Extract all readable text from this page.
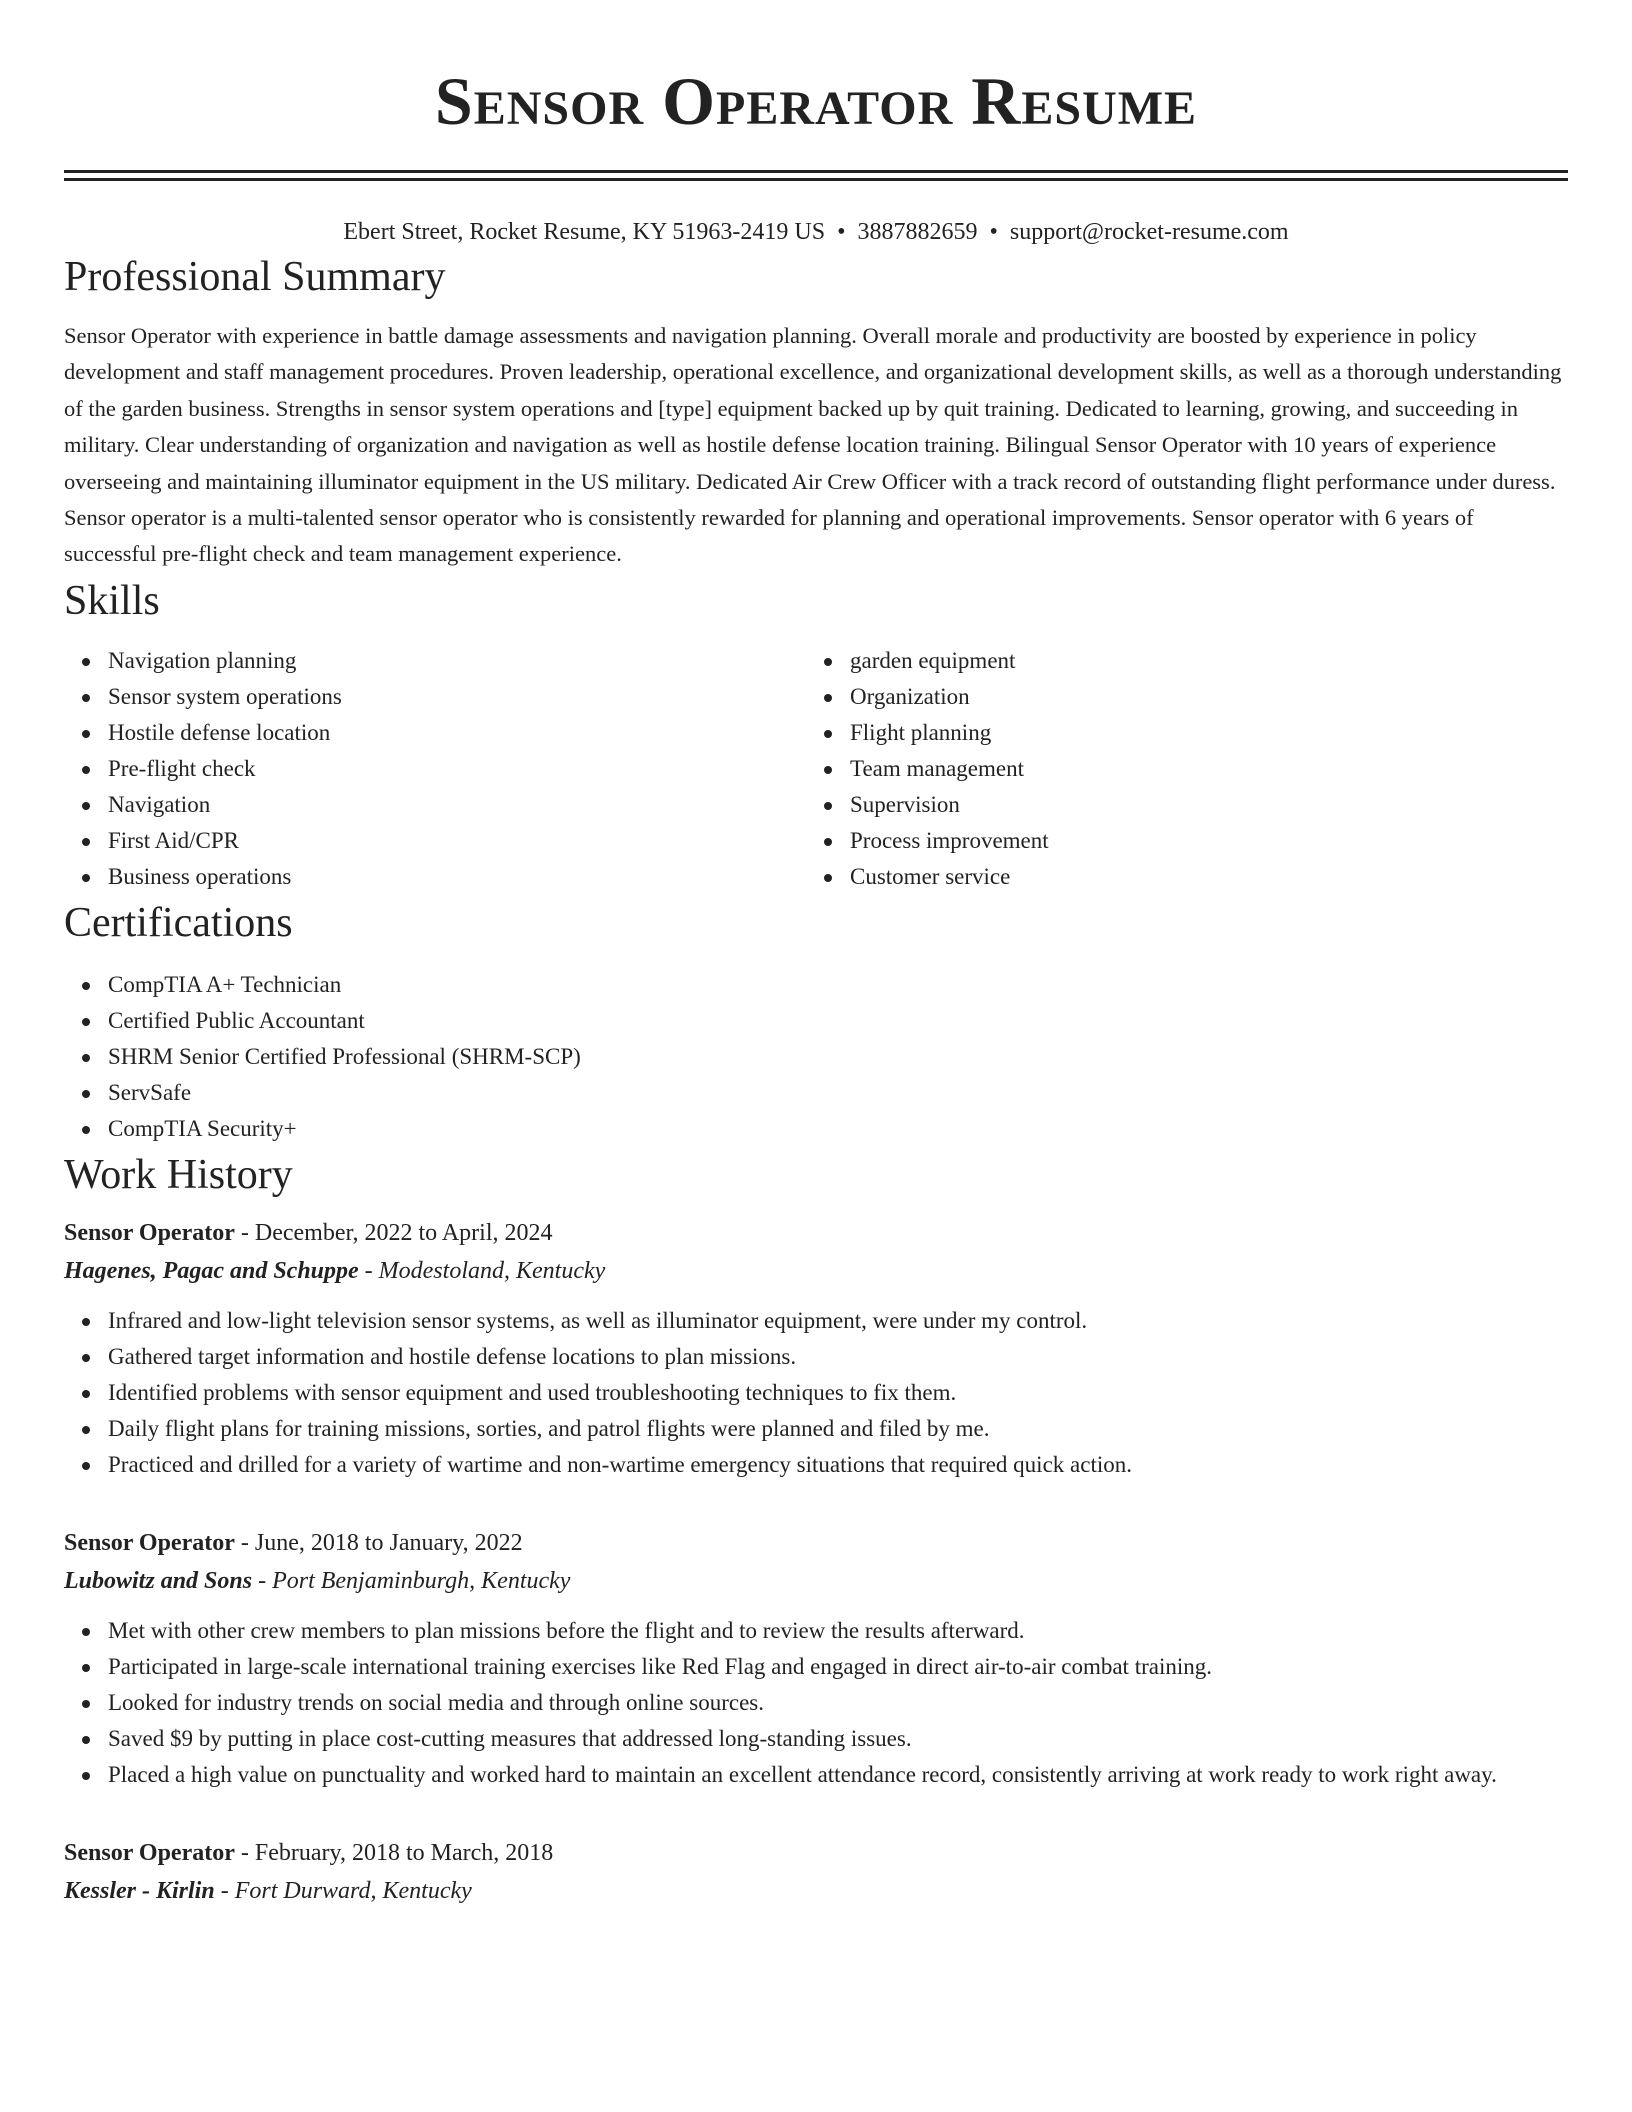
Sensor Operator Resume
Ebert Street, Rocket Resume, KY 51963-2419 US • 3887882659 • support@rocket-resume.com
Professional Summary

Sensor Operator with experience in battle damage assessments and navigation planning. Overall morale and productivity are boosted by experience in policy development and staff management procedures. Proven leadership, operational excellence, and organizational development skills, as well as a thorough understanding of the garden business. Strengths in sensor system operations and [type] equipment backed up by quit training. Dedicated to learning, growing, and succeeding in military. Clear understanding of organization and navigation as well as hostile defense location training. Bilingual Sensor Operator with 10 years of experience overseeing and maintaining illuminator equipment in the US military. Dedicated Air Crew Officer with a track record of outstanding flight performance under duress. Sensor operator is a multi-talented sensor operator who is consistently rewarded for planning and operational improvements. Sensor operator with 6 years of successful pre-flight check and team management experience.

Skills
Navigation planning
Sensor system operations
Hostile defense location
Pre-flight check
Navigation
First Aid/CPR
Business operations
garden equipment
Organization
Flight planning
Team management
Supervision
Process improvement
Customer service
Certifications
CompTIA A+ Technician
Certified Public Accountant
SHRM Senior Certified Professional (SHRM-SCP)
ServSafe
CompTIA Security+
Work History
Sensor Operator - December, 2022 to April, 2024
Hagenes, Pagac and Schuppe - Modestoland, Kentucky
Infrared and low-light television sensor systems, as well as illuminator equipment, were under my control.
Gathered target information and hostile defense locations to plan missions.
Identified problems with sensor equipment and used troubleshooting techniques to fix them.
Daily flight plans for training missions, sorties, and patrol flights were planned and filed by me.
Practiced and drilled for a variety of wartime and non-wartime emergency situations that required quick action.
Sensor Operator - June, 2018 to January, 2022
Lubowitz and Sons - Port Benjaminburgh, Kentucky
Met with other crew members to plan missions before the flight and to review the results afterward.
Participated in large-scale international training exercises like Red Flag and engaged in direct air-to-air combat training.
Looked for industry trends on social media and through online sources.
Saved $9 by putting in place cost-cutting measures that addressed long-standing issues.
Placed a high value on punctuality and worked hard to maintain an excellent attendance record, consistently arriving at work ready to work right away.
Sensor Operator - February, 2018 to March, 2018
Kessler - Kirlin - Fort Durward, Kentucky
